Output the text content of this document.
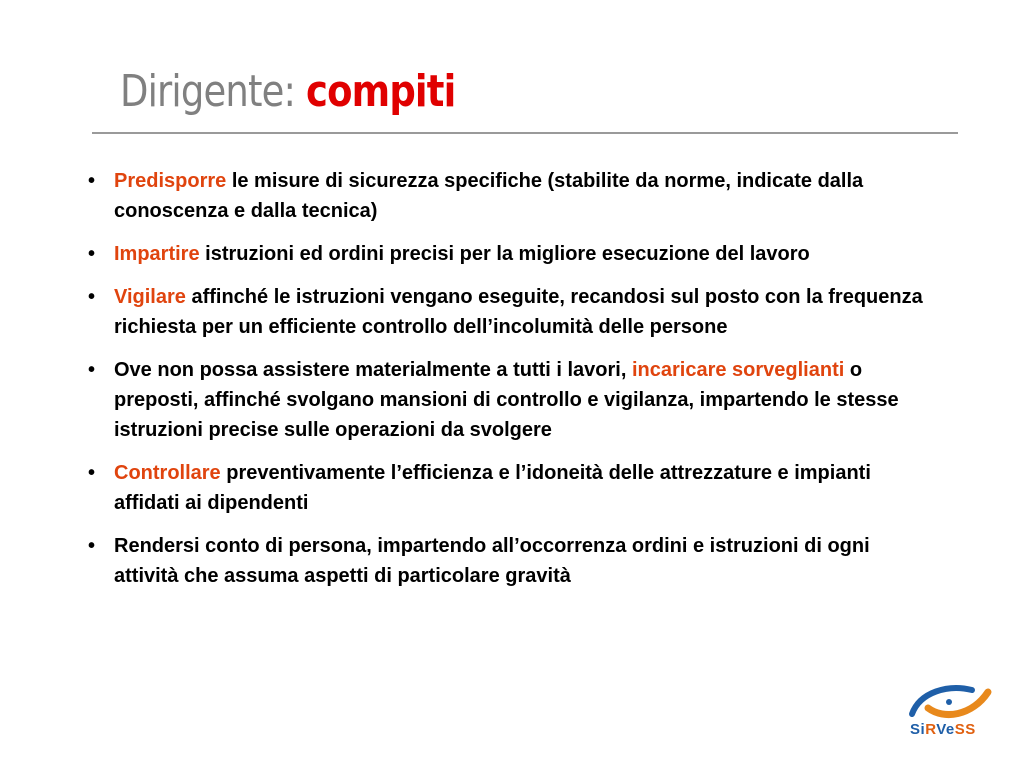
Dirigente: compiti
• Predisporre le misure di sicurezza specifiche (stabilite da norme, indicate dalla conoscenza e dalla tecnica)
• Impartire istruzioni ed ordini precisi per la migliore esecuzione del lavoro
• Vigilare affinché le istruzioni vengano eseguite, recandosi sul posto con la frequenza richiesta per un efficiente controllo dell’incolumità delle persone
• Ove non possa assistere materialmente a tutti i lavori, incaricare sorveglianti o preposti, affinché svolgano mansioni di controllo e vigilanza, impartendo le stesse istruzioni precise sulle operazioni da svolgere
• Controllare preventivamente l’efficienza e l’idoneità delle attrezzature e impianti affidati ai dipendenti
• Rendersi conto di persona, impartendo all’occorrenza ordini e istruzioni di ogni attività che assuma aspetti di particolare gravità
SiRVeSS
